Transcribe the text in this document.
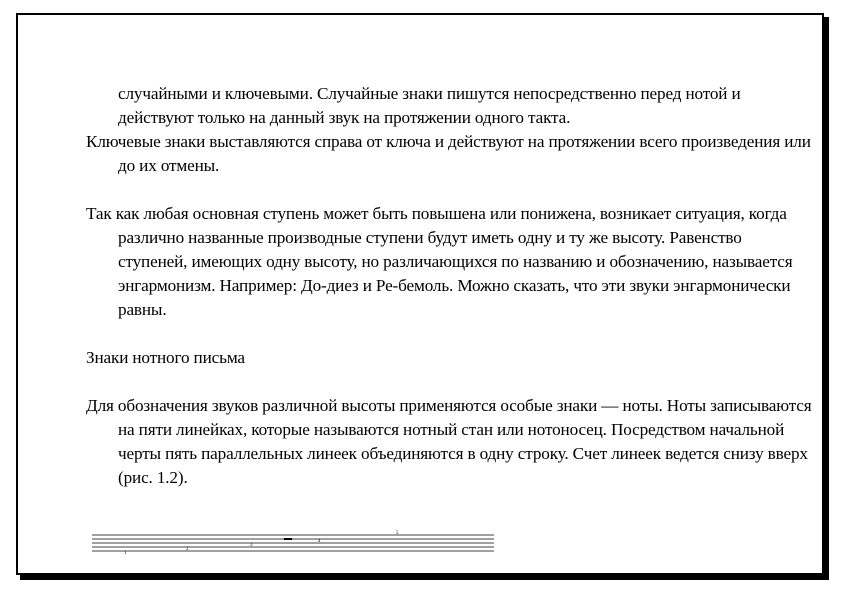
случайными и ключевыми. Случайные знаки пишутся непосредственно перед нотой и действуют только на данный звук на протяжении одного такта.

Ключевые знаки выставляются справа от ключа и действуют на протяжении всего произведения или до их отмены.

Так как любая основная ступень может быть повышена или понижена, возникает ситуация, когда различно названные производные ступени будут иметь одну и ту же высоту. Равенство ступеней, имеющих одну высоту, но различающихся по названию и обозначению, называется энгармонизм. Например: До-диез и Ре-бемоль. Можно сказать, что эти звуки энгармонически равны.

Знаки нотного письма

Для обозначения звуков различной высоты применяются особые знаки — ноты. Ноты записываются на пяти линейках, которые называются нотный стан или нотоносец. Посредством начальной черты пять параллельных линеек объединяются в одну строку. Счет линеек ведется снизу вверх (рис. 1.2).

1
2
3
4
5
